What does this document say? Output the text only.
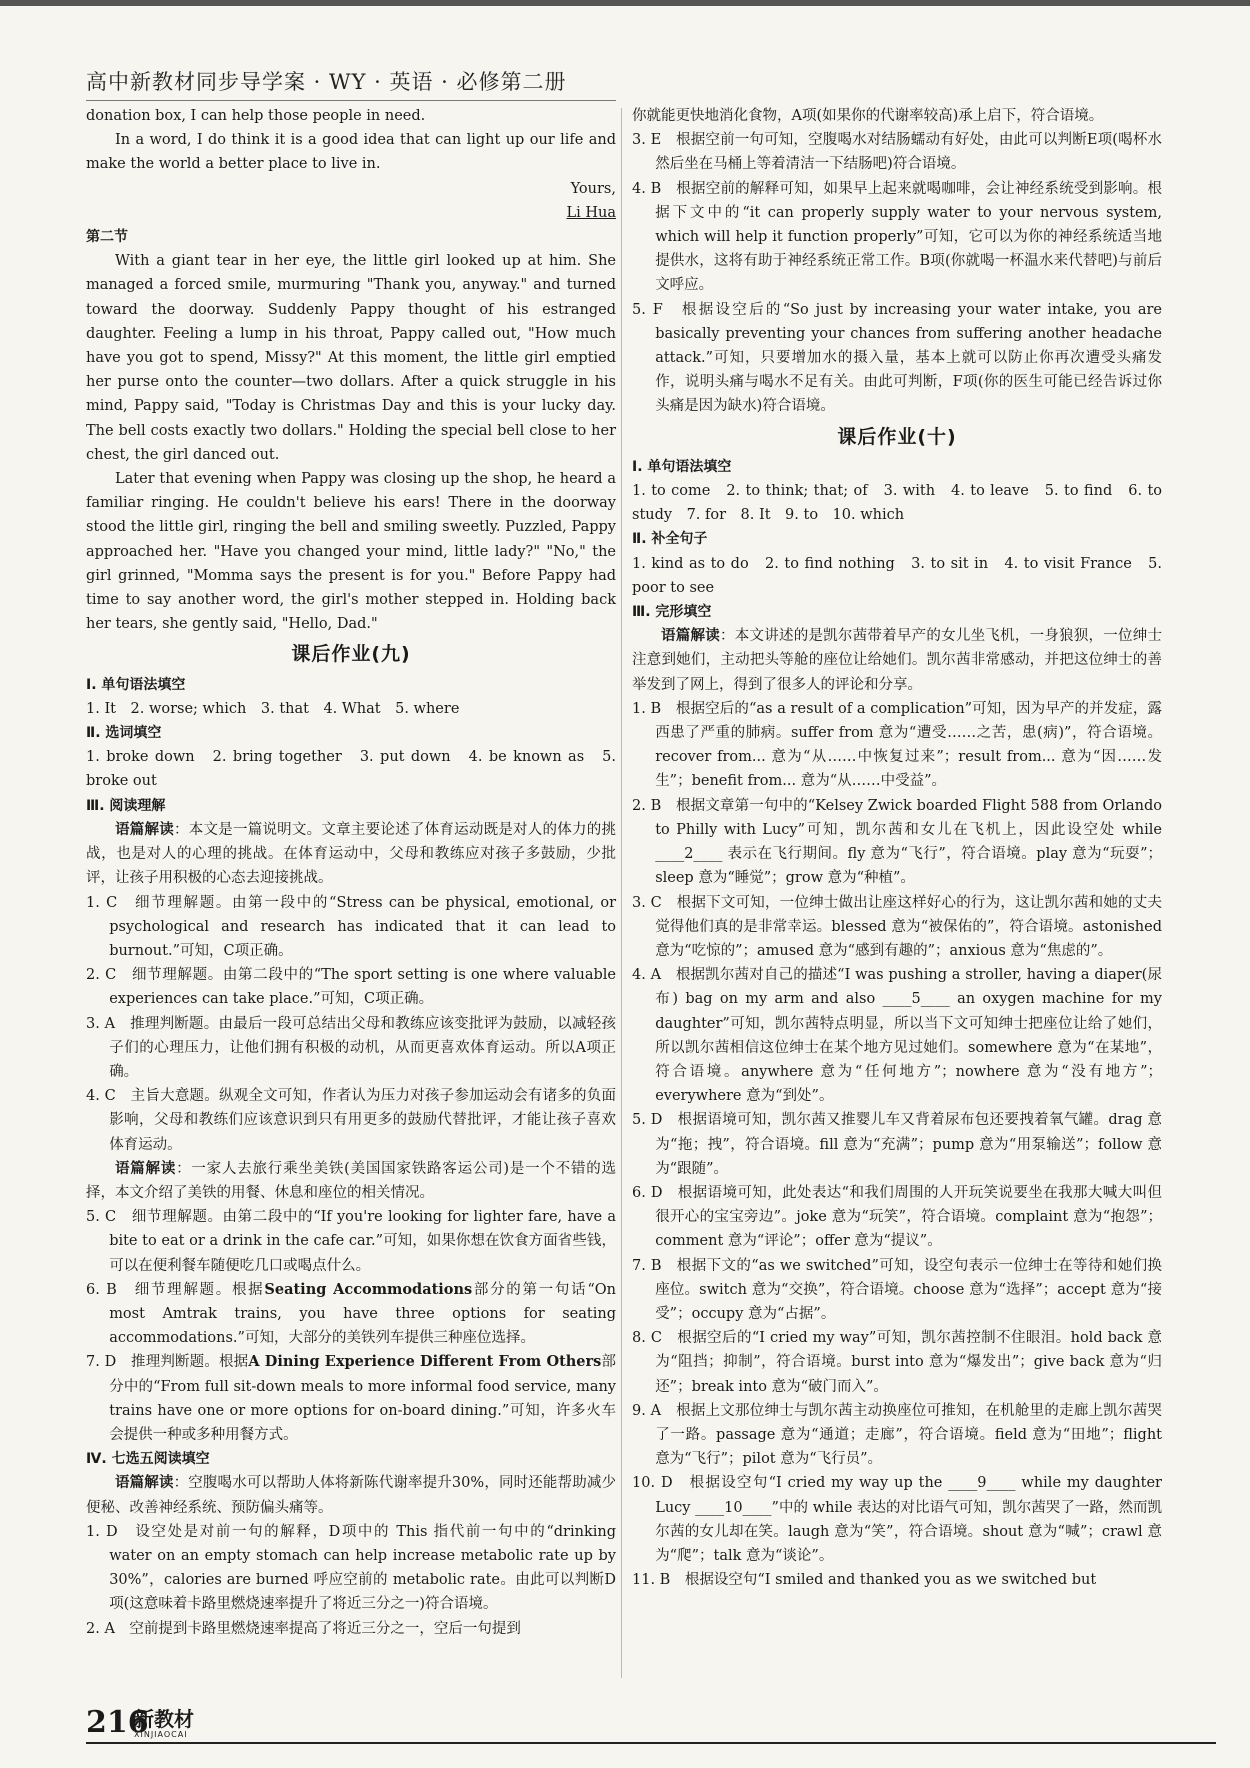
高中新教材同步导学案 · WY · 英语 · 必修第二册

donation box, I can help those people in need.

In a word, I do think it is a good idea that can light up our life and make the world a better place to live in.

Yours,

Li Hua

第二节

With a giant tear in her eye, the little girl looked up at him. She managed a forced smile, murmuring "Thank you, anyway." and turned toward the doorway. Suddenly Pappy thought of his estranged daughter. Feeling a lump in his throat, Pappy called out, "How much have you got to spend, Missy?" At this moment, the little girl emptied her purse onto the counter—two dollars. After a quick struggle in his mind, Pappy said, "Today is Christmas Day and this is your lucky day. The bell costs exactly two dollars." Holding the special bell close to her chest, the girl danced out.

Later that evening when Pappy was closing up the shop, he heard a familiar ringing. He couldn't believe his ears! There in the doorway stood the little girl, ringing the bell and smiling sweetly. Puzzled, Pappy approached her. "Have you changed your mind, little lady?" "No," the girl grinned, "Momma says the present is for you." Before Pappy had time to say another word, the girl's mother stepped in. Holding back her tears, she gently said, "Hello, Dad."

课后作业(九)

Ⅰ. 单句语法填空

1. It　2. worse; which　3. that　4. What　5. where

Ⅱ. 选词填空

1. broke down　2. bring together　3. put down　4. be known as　5. broke out

Ⅲ. 阅读理解

语篇解读：本文是一篇说明文。文章主要论述了体育运动既是对人的体力的挑战，也是对人的心理的挑战。在体育运动中，父母和教练应对孩子多鼓励，少批评，让孩子用积极的心态去迎接挑战。

1. C　细节理解题。由第一段中的“Stress can be physical, emotional, or psychological and research has indicated that it can lead to burnout.”可知，C项正确。

2. C　细节理解题。由第二段中的“The sport setting is one where valuable experiences can take place.”可知，C项正确。

3. A　推理判断题。由最后一段可总结出父母和教练应该变批评为鼓励，以减轻孩子们的心理压力，让他们拥有积极的动机，从而更喜欢体育运动。所以A项正确。

4. C　主旨大意题。纵观全文可知，作者认为压力对孩子参加运动会有诸多的负面影响，父母和教练们应该意识到只有用更多的鼓励代替批评，才能让孩子喜欢体育运动。

语篇解读：一家人去旅行乘坐美铁(美国国家铁路客运公司)是一个不错的选择，本文介绍了美铁的用餐、休息和座位的相关情况。

5. C　细节理解题。由第二段中的“If you're looking for lighter fare, have a bite to eat or a drink in the cafe car.”可知，如果你想在饮食方面省些钱，可以在便利餐车随便吃几口或喝点什么。

6. B　细节理解题。根据Seating Accommodations部分的第一句话“On most Amtrak trains, you have three options for seating accommodations.”可知，大部分的美铁列车提供三种座位选择。

7. D　推理判断题。根据A Dining Experience Different From Others部分中的“From full sit-down meals to more informal food service, many trains have one or more options for on-board dining.”可知，许多火车会提供一种或多种用餐方式。

Ⅳ. 七选五阅读填空

语篇解读：空腹喝水可以帮助人体将新陈代谢率提升30%，同时还能帮助减少便秘、改善神经系统、预防偏头痛等。

1. D　设空处是对前一句的解释，D项中的 This 指代前一句中的“drinking water on an empty stomach can help increase metabolic rate up by 30%”，calories are burned 呼应空前的 metabolic rate。由此可以判断D项(这意味着卡路里燃烧速率提升了将近三分之一)符合语境。

2. A　空前提到卡路里燃烧速率提高了将近三分之一，空后一句提到

你就能更快地消化食物，A项(如果你的代谢率较高)承上启下，符合语境。

3. E　根据空前一句可知，空腹喝水对结肠蠕动有好处，由此可以判断E项(喝杯水然后坐在马桶上等着清洁一下结肠吧)符合语境。

4. B　根据空前的解释可知，如果早上起来就喝咖啡，会让神经系统受到影响。根据下文中的“it can properly supply water to your nervous system, which will help it function properly”可知，它可以为你的神经系统适当地提供水，这将有助于神经系统正常工作。B项(你就喝一杯温水来代替吧)与前后文呼应。

5. F　根据设空后的“So just by increasing your water intake, you are basically preventing your chances from suffering another headache attack.”可知，只要增加水的摄入量，基本上就可以防止你再次遭受头痛发作，说明头痛与喝水不足有关。由此可判断，F项(你的医生可能已经告诉过你头痛是因为缺水)符合语境。

课后作业(十)

Ⅰ. 单句语法填空

1. to come　2. to think; that; of　3. with　4. to leave　5. to find　6. to study　7. for　8. It　9. to　10. which

Ⅱ. 补全句子

1. kind as to do　2. to find nothing　3. to sit in　4. to visit France　5. poor to see

Ⅲ. 完形填空

语篇解读：本文讲述的是凯尔茜带着早产的女儿坐飞机，一身狼狈，一位绅士注意到她们，主动把头等舱的座位让给她们。凯尔茜非常感动，并把这位绅士的善举发到了网上，得到了很多人的评论和分享。

1. B　根据空后的“as a result of a complication”可知，因为早产的并发症，露西患了严重的肺病。suffer from 意为“遭受……之苦，患(病)”，符合语境。recover from... 意为“从……中恢复过来”；result from... 意为“因……发生”；benefit from... 意为“从……中受益”。

2. B　根据文章第一句中的“Kelsey Zwick boarded Flight 588 from Orlando to Philly with Lucy”可知，凯尔茜和女儿在飞机上，因此设空处 while ____2____ 表示在飞行期间。fly 意为“飞行”，符合语境。play 意为“玩耍”；sleep 意为“睡觉”；grow 意为“种植”。

3. C　根据下文可知，一位绅士做出让座这样好心的行为，这让凯尔茜和她的丈夫觉得他们真的是非常幸运。blessed 意为“被保佑的”，符合语境。astonished 意为“吃惊的”；amused 意为“感到有趣的”；anxious 意为“焦虑的”。

4. A　根据凯尔茜对自己的描述“I was pushing a stroller, having a diaper(尿布) bag on my arm and also ____5____ an oxygen machine for my daughter”可知，凯尔茜特点明显，所以当下文可知绅士把座位让给了她们，所以凯尔茜相信这位绅士在某个地方见过她们。somewhere 意为“在某地”，符合语境。anywhere 意为“任何地方”；nowhere 意为“没有地方”；everywhere 意为“到处”。

5. D　根据语境可知，凯尔茜又推婴儿车又背着尿布包还要拽着氧气罐。drag 意为“拖；拽”，符合语境。fill 意为“充满”；pump 意为“用泵输送”；follow 意为“跟随”。

6. D　根据语境可知，此处表达“和我们周围的人开玩笑说要坐在我那大喊大叫但很开心的宝宝旁边”。joke 意为“玩笑”，符合语境。complaint 意为“抱怨”；comment 意为“评论”；offer 意为“提议”。

7. B　根据下文的“as we switched”可知，设空句表示一位绅士在等待和她们换座位。switch 意为“交换”，符合语境。choose 意为“选择”；accept 意为“接受”；occupy 意为“占据”。

8. C　根据空后的“I cried my way”可知，凯尔茜控制不住眼泪。hold back 意为“阻挡；抑制”，符合语境。burst into 意为“爆发出”；give back 意为“归还”；break into 意为“破门而入”。

9. A　根据上文那位绅士与凯尔茜主动换座位可推知，在机舱里的走廊上凯尔茜哭了一路。passage 意为“通道；走廊”，符合语境。field 意为“田地”；flight 意为“飞行”；pilot 意为“飞行员”。

10. D　根据设空句“I cried my way up the ____9____ while my daughter Lucy ____10____”中的 while 表达的对比语气可知，凯尔茜哭了一路，然而凯尔茜的女儿却在笑。laugh 意为“笑”，符合语境。shout 意为“喊”；crawl 意为“爬”；talk 意为“谈论”。

11. B　根据设空句“I smiled and thanked you as we switched but

216
新教材
XINJIAOCAI
